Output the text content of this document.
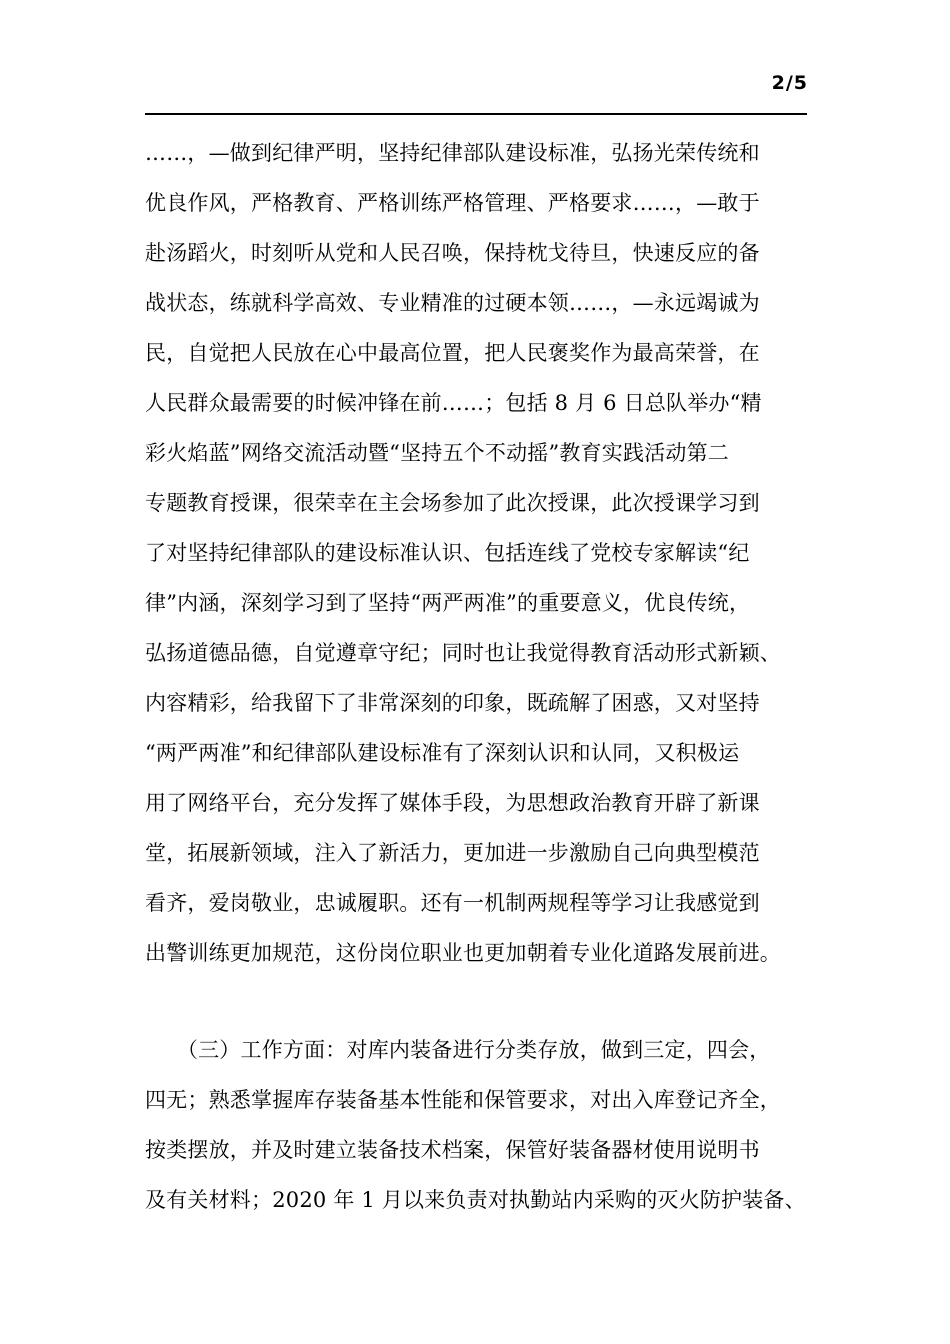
2/5
……，—做到纪律严明，坚持纪律部队建设标准，弘扬光荣传统和
优良作风，严格教育、严格训练严格管理、严格要求……，—敢于
赴汤蹈火，时刻听从党和人民召唤，保持枕戈待旦，快速反应的备
战状态，练就科学高效、专业精准的过硬本领……，—永远竭诚为
民，自觉把人民放在心中最高位置，把人民褒奖作为最高荣誉，在
人民群众最需要的时候冲锋在前……；包括 8 月 6 日总队举办“精
彩火焰蓝”网络交流活动暨“坚持五个不动摇”教育实践活动第二
专题教育授课，很荣幸在主会场参加了此次授课，此次授课学习到
了对坚持纪律部队的建设标准认识、包括连线了党校专家解读“纪
律”内涵，深刻学习到了坚持“两严两准”的重要意义，优良传统，
弘扬道德品德，自觉遵章守纪；同时也让我觉得教育活动形式新颖、
内容精彩，给我留下了非常深刻的印象，既疏解了困惑，又对坚持
“两严两准”和纪律部队建设标准有了深刻认识和认同，又积极运
用了网络平台，充分发挥了媒体手段，为思想政治教育开辟了新课
堂，拓展新领域，注入了新活力，更加进一步激励自己向典型模范
看齐，爱岗敬业，忠诚履职。还有一机制两规程等学习让我感觉到
出警训练更加规范，这份岗位职业也更加朝着专业化道路发展前进。
　　（三）工作方面：对库内装备进行分类存放，做到三定，四会，
四无；熟悉掌握库存装备基本性能和保管要求，对出入库登记齐全，
按类摆放，并及时建立装备技术档案，保管好装备器材使用说明书
及有关材料；2020 年 1 月以来负责对执勤站内采购的灭火防护装备、
